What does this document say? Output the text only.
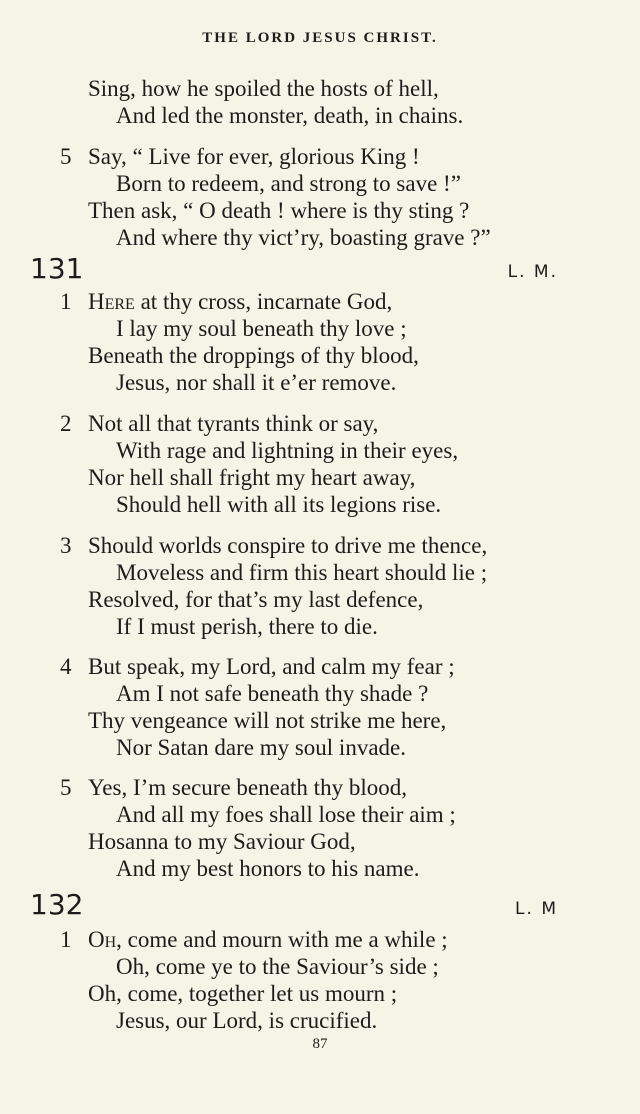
THE LORD JESUS CHRIST.
Sing, how he spoiled the hosts of hell,
And led the monster, death, in chains.
5 Say, “ Live for ever, glorious King !
Born to redeem, and strong to save !”
Then ask, “ O death ! where is thy sting ?
And where thy vict’ry, boasting grave ?”
131	L. M.
1 Here at thy cross, incarnate God,
I lay my soul beneath thy love ;
Beneath the droppings of thy blood,
Jesus, nor shall it e’er remove.
2 Not all that tyrants think or say,
With rage and lightning in their eyes,
Nor hell shall fright my heart away,
Should hell with all its legions rise.
3 Should worlds conspire to drive me thence,
Moveless and firm this heart should lie ;
Resolved, for that’s my last defence,
If I must perish, there to die.
4 But speak, my Lord, and calm my fear ;
Am I not safe beneath thy shade ?
Thy vengeance will not strike me here,
Nor Satan dare my soul invade.
5 Yes, I’m secure beneath thy blood,
And all my foes shall lose their aim ;
Hosanna to my Saviour God,
And my best honors to his name.
132	L. M
1 Oh, come and mourn with me a while ;
Oh, come ye to the Saviour’s side ;
Oh, come, together let us mourn ;
Jesus, our Lord, is crucified.
87
